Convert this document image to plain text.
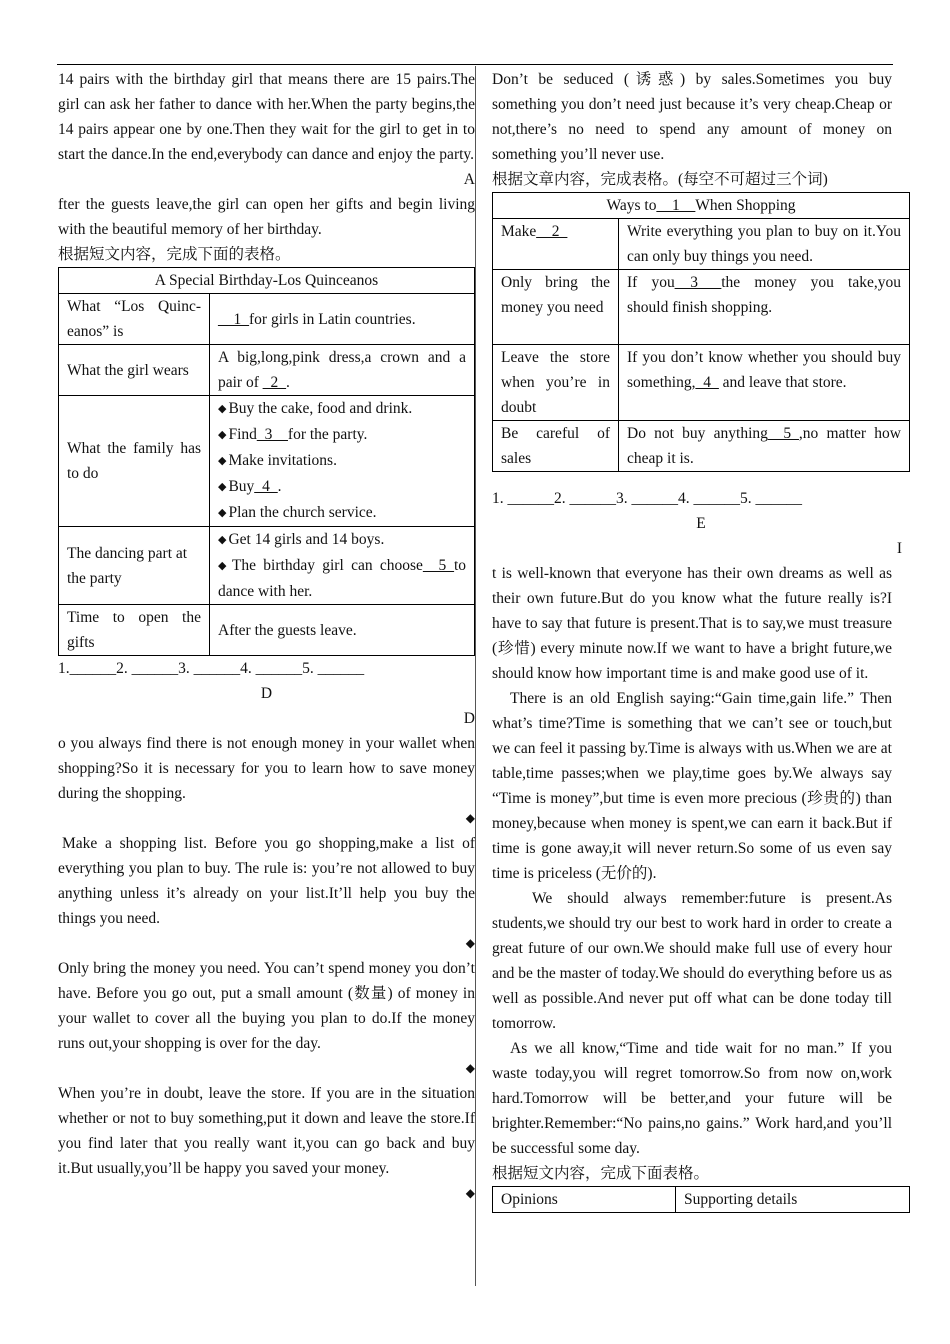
14 pairs with the birthday girl that means there are 15 pairs.The girl can ask her father to dance with her.When the party begins,the 14 pairs appear one by one.Then they wait for the girl to get in to start the dance.In the end,everybody can dance and enjoy the party.

A

fter the guests leave,the girl can open her gifts and begin living with the beautiful memory of her birthday.

根据短文内容，完成下面的表格。

A Special Birthday-Los Quinceanos	
What “Los Quinc-eanos” is	__1_for girls in Latin countries.
What the girl wears	A big,long,pink dress,a crown and a pair of _2_.
What the family has to do	◆ Buy the cake, food and drink.
◆ Find_3__for the party.
◆ Make invitations.
◆ Buy_4_.
◆ Plan the church service.

The dancing part at the party	◆ Get 14 girls and 14 boys.
◆ The birthday girl can choose__5_to dance with her.

Time to open the gifts	After the guests leave.

1.______2. ______3. ______4. ______5. ______

D

D

o you always find there is not enough money in your wallet when shopping?So it is necessary for you to learn how to save money during the shopping.

◆

Make a shopping list. Before you go shopping,make a list of everything you plan to buy. The rule is: you’re not allowed to buy anything unless it’s already on your list.It’ll help you buy the things you need.

◆

Only bring the money you need. You can’t spend money you don’t have. Before you go out, put a small amount (数量) of money in your wallet to cover all the buying you plan to do.If the money runs out,your shopping is over for the day.

◆

When you’re in doubt, leave the store. If you are in the situation whether or not to buy something,put it down and leave the store.If you find later that you really want it,you can go back and buy it.But usually,you’ll be happy you saved your money.

◆

Don’t be seduced (诱惑) by sales.Sometimes you buy something you don’t need just because it’s very cheap.Cheap or not,there’s no need to spend any amount of money on something you’ll never use.

根据文章内容，完成表格。(每空不可超过三个词)

Ways to__1__When Shopping	
Make__2_	Write everything you plan to buy on it.You can only buy things you need.
Only bring the money you need	If you__3___the money you take,you should finish shopping.
Leave the store when you’re in doubt	If you don’t know whether you should buy something,_4_ and leave that store.
Be careful of sales	Do not buy anything__5_,no matter how cheap it is.

1. ______2. ______3. ______4. ______5. ______

E

I

t is well-known that everyone has their own dreams as well as their own future.But do you know what the future really is?I have to say that future is present.That is to say,we must treasure (珍惜) every minute now.If we want to have a bright future,we should know how important time is and make good use of it.

There is an old English saying:“Gain time,gain life.” Then what’s time?Time is something that we can’t see or touch,but we can feel it passing by.Time is always with us.When we are at table,time passes;when we play,time goes by.We always say “Time is money”,but time is even more precious (珍贵的) than money,because when money is spent,we can earn it back.But if time is gone away,it will never return.So some of us even say time is priceless (无价的).

We should always remember:future is present.As students,we should try our best to work hard in order to create a great future of our own.We should make full use of every hour and be the master of today.We should do everything before us as well as possible.And never put off what can be done today till tomorrow.

As we all know,“Time and tide wait for no man.” If you waste today,you will regret tomorrow.So from now on,work hard.Tomorrow will be better,and your future will be brighter.Remember:“No pains,no gains.” Work hard,and you’ll be successful some day.

根据短文内容，完成下面表格。

Opinions	Supporting details
